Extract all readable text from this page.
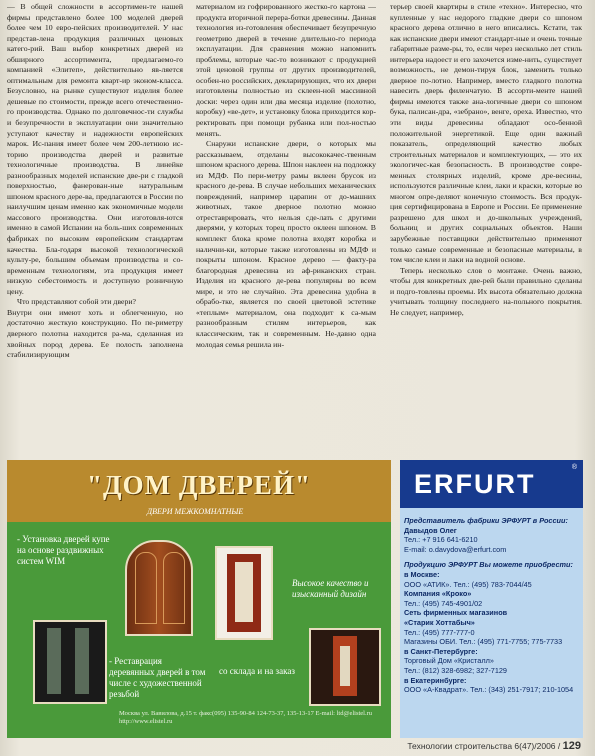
— В общей сложности в ассортимен-те нашей фирмы представлено более 100 моделей дверей более чем 10 евро-пейских производителей. У нас представ-лена продукция различных ценовых катего-рий. Ваш выбор конкретных дверей из обширного ассортимента, предлагаемо-го компанией «Элитеп», действительно яв-ляется оптимальным для ремонта кварт-ир эконом-класса. Безусловно, на рынке существуют изделия более дешевые по стоимости, прежде всего отечественно-го производства. Однако по долговечнос-ти службы и безупречности в эксплуатации они значительно уступают качеству и надежности европейских марок. Ис-пания имеет более чем 200-летнюю ис-торию производства дверей и развитые технологичные производства. В линейке разнообразных моделей испанские две-ри с гладкой поверхностью, фанерован-ные натуральным шпоном красного дере-ва, предлагаются в России по наилучшим ценам именно как экономичные модели массового производства. Они изготовля-ются именно в самой Испании на боль-ших современных фабриках по высоким европейским стандартам качества. Бла-годаря высокой технологической культу-ре, большим объемам производства и со-временным технологиям, эта продукция имеет низкую себестоимость и доступную розничную цену.

Что представляют собой эти двери?

Внутри они имеют хоть и облегченную, но достаточно жесткую конструкцию. По пе-риметру дверного полотна находится ра-ма, сделанная из хвойных пород дерева. Ее полость заполнена стабилизирующим

материалом из гофрированного жестко-го картона — продукта вторичной перера-ботки древесины. Данная технология из-готовления обеспечивает безупречную геометрию дверей в течение длительно-го периода эксплуатации. Для сравнения можно напомнить проблемы, которые час-то возникают с продукцией этой ценовой группы от других производителей, особен-но российских, декларирующих, что их двери изготовлены полностью из склеен-ной массивной доски: через один или два месяца изделие (полотно, коробку) «ве-дет», и установку блока приходится кор-ректировать при помощи рубанка или пол-ностью менять.

Снаружи испанские двери, о которых мы рассказываем, отделаны высококачес-твенным шпоном красного дерева. Шпон наклеен на подложку из МДФ. По пери-метру рамы вклеен брусок из красного де-рева. В случае небольших механических повреждений, например царапин от до-машних животных, такое дверное полотно можно отреставрировать, что нельзя сде-лать с другими дверями, у которых торец просто оклеен шпоном. В комплект блока кроме полотна входят коробка и налични-ки, которые также изготовлены из МДФ и покрыты шпоном. Красное дерево — факту-ра благородная древесина из аф-риканских стран. Изделия из красного де-рева популярны во всем мире, и это не случайно. Эта древесина удобна в обрабо-тке, является по своей цветовой эстетике «теплым» материалом, она подходит к са-мым разнообразным стилям интерьеров, как классическим, так и современным. Не-давно одна молодая семья решила ин-

терьер своей квартиры в стиле «техно». Интересно, что купленные у нас недорого гладкие двери со шпоном красного дерева отлично в него вписались. Кстати, так как испанские двери имеют стандарт-ные и очень точные габаритные разме-ры, то, если через несколько лет стиль интерьера надоест и его захочется изме-нить, существует возможность, не демон-тируя блок, заменить только дверное по-лотно. Например, вместо гладкого полотна навесить дверь филенчатую. В ассорти-менте нашей фирмы имеются также ана-логичные двери со шпоном бука, палисан-дра, «зебрано», венге, ореха. Известно, что эти виды древесины обладают осо-бенной положительной энергетикой. Еще один важный показатель, определяющий качество любых строительных материалов и комплектующих, — это их экологичес-кая безопасность. В производстве совре-менных столярных изделий, кроме дре-весины, используются различные клеи, лаки и краски, которые во многом опре-деляют конечную стоимость. Вся продук-ция сертифицирована в Европе и России. Ее применение разрешено для школ и до-школьных учреждений, больниц и других социальных объектов. Наши зарубежные поставщики действительно применяют только самые современные и безопасные материалы, в том числе клеи и лаки на водной основе.

Теперь несколько слов о монтаже. Очень важно, чтобы для конкретных две-рей были правильно сделаны и подго-товлены проемы. Их высота обязательно должна учитывать толщину последнего на-польного покрытия. Не следует, например,

"ДОМ ДВЕРЕЙ"
ДВЕРИ МЕЖКОМНАТНЫЕ
- Установка дверей купе на основе раздвижных систем WIM
Высокое качество и изысканный дизайн
- Реставрация деревянных дверей в том числе с художественной резьбой
со склада и на заказ
Москва ул. Вавилова, д.15 т. факс(095) 135-90-84 124-73-37, 135-13-17 E-mail: ltd@elistel.ru http://www.elistel.ru
ERFURT
®
Представитель фабрики ЭРФУРТ в России:
Давыдов Олег
Тел.: +7 916 641-6210
E-mail: o.davydova@erfurt.com
Продукцию ЭРФУРТ Вы можете приобрести:
в Москве:
ООО «АТИК». Тел.: (495) 783-7044/45
Компания «Кроко»
Тел.: (495) 745-4901/02
Сеть фирменных магазинов
«Старик Хоттабыч»
Тел.: (495) 777-777-0
Магазины ОБИ. Тел.: (495) 771-7755; 775-7733
в Санкт-Петербурге:
Торговый Дом «Кристалл»
Тел.: (812) 328-6982; 327-7129
в Екатеринбурге:
ООО «А-Квадрат». Тел.: (343) 251-7917; 210-1054
Технологии строительства 6(47)/2006 / 129
